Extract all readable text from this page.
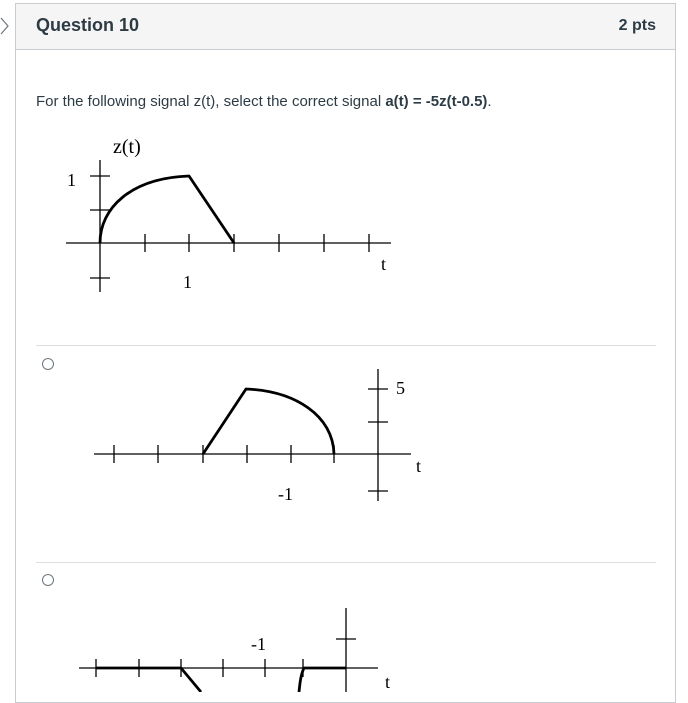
Question 10	2 pts
For the following signal z(t), select the correct signal a(t) = -5z(t-0.5).
z(t)
1
1
t
5
-1
t
-1
t
